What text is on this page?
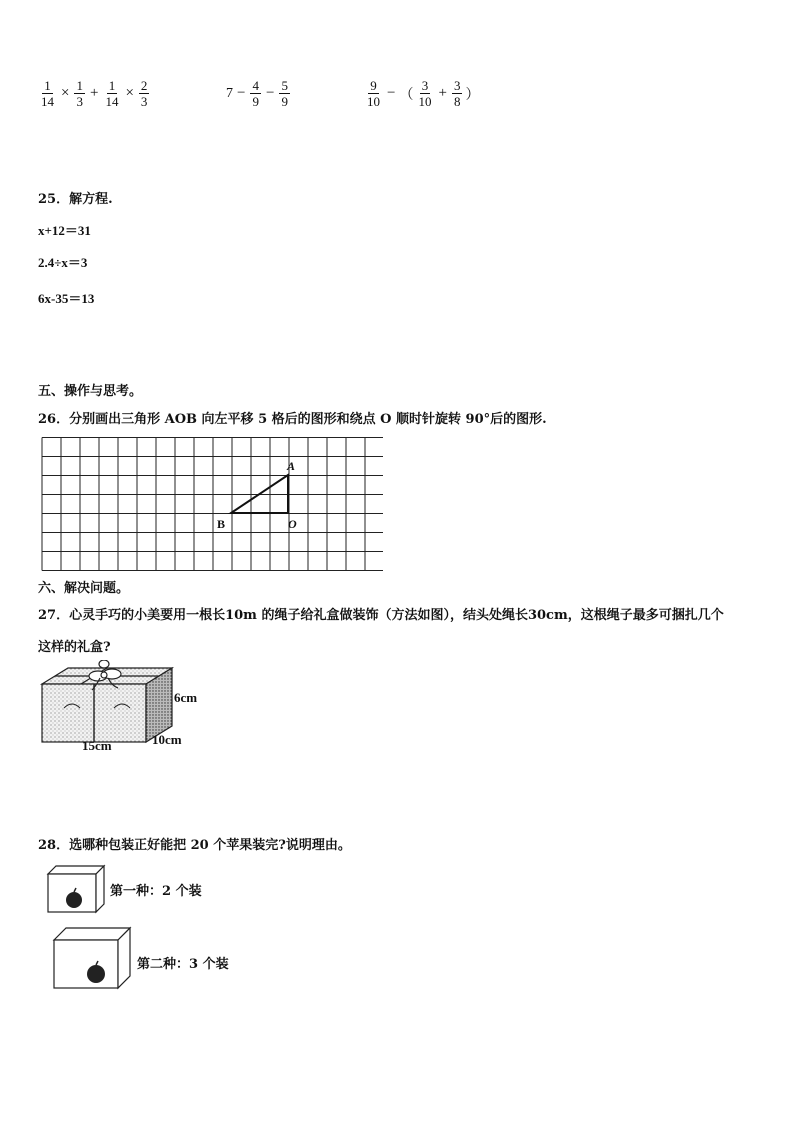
$\frac{1}{14} \times \frac{1}{3} + \frac{1}{14} \times \frac{2}{3}$	$7 - \frac{4}{9} - \frac{5}{9}$	$\frac{9}{10}$ − （ $\frac{3}{10} + \frac{3}{8}$ ）
25．解方程.
x+12＝31
2.4÷x＝3
6x-35＝13
五、操作与思考。
26．分别画出三角形 AOB 向左平移 5 格后的图形和绕点 O 顺时针旋转 90°后的图形.
A
B	O
六、解决问题。
27．心灵手巧的小美要用一根长10m 的绳子给礼盒做装饰（方法如图），结头处绳长30cm，这根绳子最多可捆扎几个
这样的礼盒?
6cm
10cm
15cm
28．选哪种包装正好能把 20 个苹果装完?说明理由。
第一种：2 个装
第二种：3 个装
